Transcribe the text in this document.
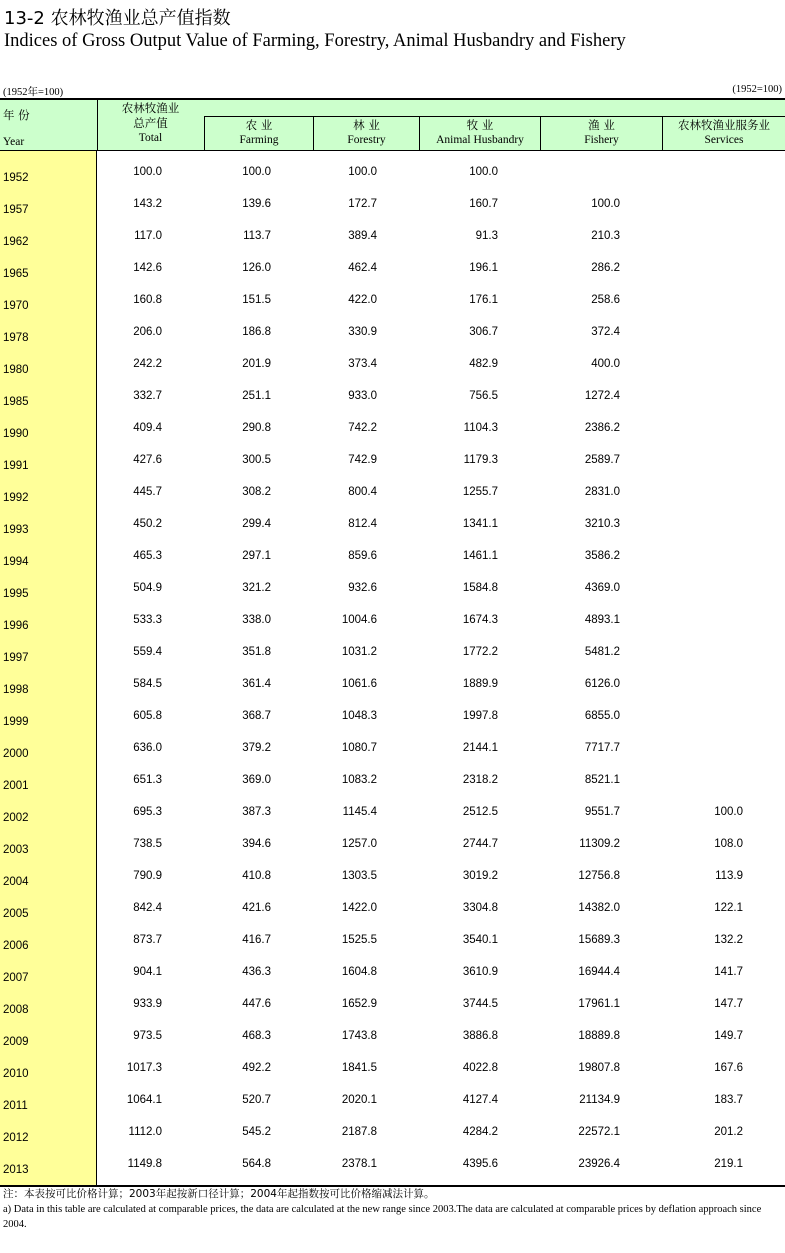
13-2 农林牧渔业总产值指数
Indices of Gross Output Value of Farming, Forestry, Animal Husbandry and Fishery
(1952年=100)	(1952=100)
年 份
Year
农林牧渔业
总产值
Total
农 业
Farming
林 业
Forestry
牧 业
Animal Husbandry
渔 业
Fishery
农林牧渔业服务业
Services
1952	100.0	100.0	100.0	100.0
1957	143.2	139.6	172.7	160.7	100.0
1962	117.0	113.7	389.4	91.3	210.3
1965	142.6	126.0	462.4	196.1	286.2
1970	160.8	151.5	422.0	176.1	258.6
1978	206.0	186.8	330.9	306.7	372.4
1980	242.2	201.9	373.4	482.9	400.0
1985	332.7	251.1	933.0	756.5	1272.4
1990	409.4	290.8	742.2	1104.3	2386.2
1991	427.6	300.5	742.9	1179.3	2589.7
1992	445.7	308.2	800.4	1255.7	2831.0
1993	450.2	299.4	812.4	1341.1	3210.3
1994	465.3	297.1	859.6	1461.1	3586.2
1995	504.9	321.2	932.6	1584.8	4369.0
1996	533.3	338.0	1004.6	1674.3	4893.1
1997	559.4	351.8	1031.2	1772.2	5481.2
1998	584.5	361.4	1061.6	1889.9	6126.0
1999	605.8	368.7	1048.3	1997.8	6855.0
2000	636.0	379.2	1080.7	2144.1	7717.7
2001	651.3	369.0	1083.2	2318.2	8521.1
2002	695.3	387.3	1145.4	2512.5	9551.7	100.0
2003	738.5	394.6	1257.0	2744.7	11309.2	108.0
2004	790.9	410.8	1303.5	3019.2	12756.8	113.9
2005	842.4	421.6	1422.0	3304.8	14382.0	122.1
2006	873.7	416.7	1525.5	3540.1	15689.3	132.2
2007	904.1	436.3	1604.8	3610.9	16944.4	141.7
2008	933.9	447.6	1652.9	3744.5	17961.1	147.7
2009	973.5	468.3	1743.8	3886.8	18889.8	149.7
2010	1017.3	492.2	1841.5	4022.8	19807.8	167.6
2011	1064.1	520.7	2020.1	4127.4	21134.9	183.7
2012	1112.0	545.2	2187.8	4284.2	22572.1	201.2
2013	1149.8	564.8	2378.1	4395.6	23926.4	219.1
注：本表按可比价格计算；2003年起按新口径计算；2004年起指数按可比价格缩减法计算。
a) Data in this table are calculated at comparable prices, the data are calculated at the new range since 2003.The data are calculated at comparable prices by deflation approach since 2004.
